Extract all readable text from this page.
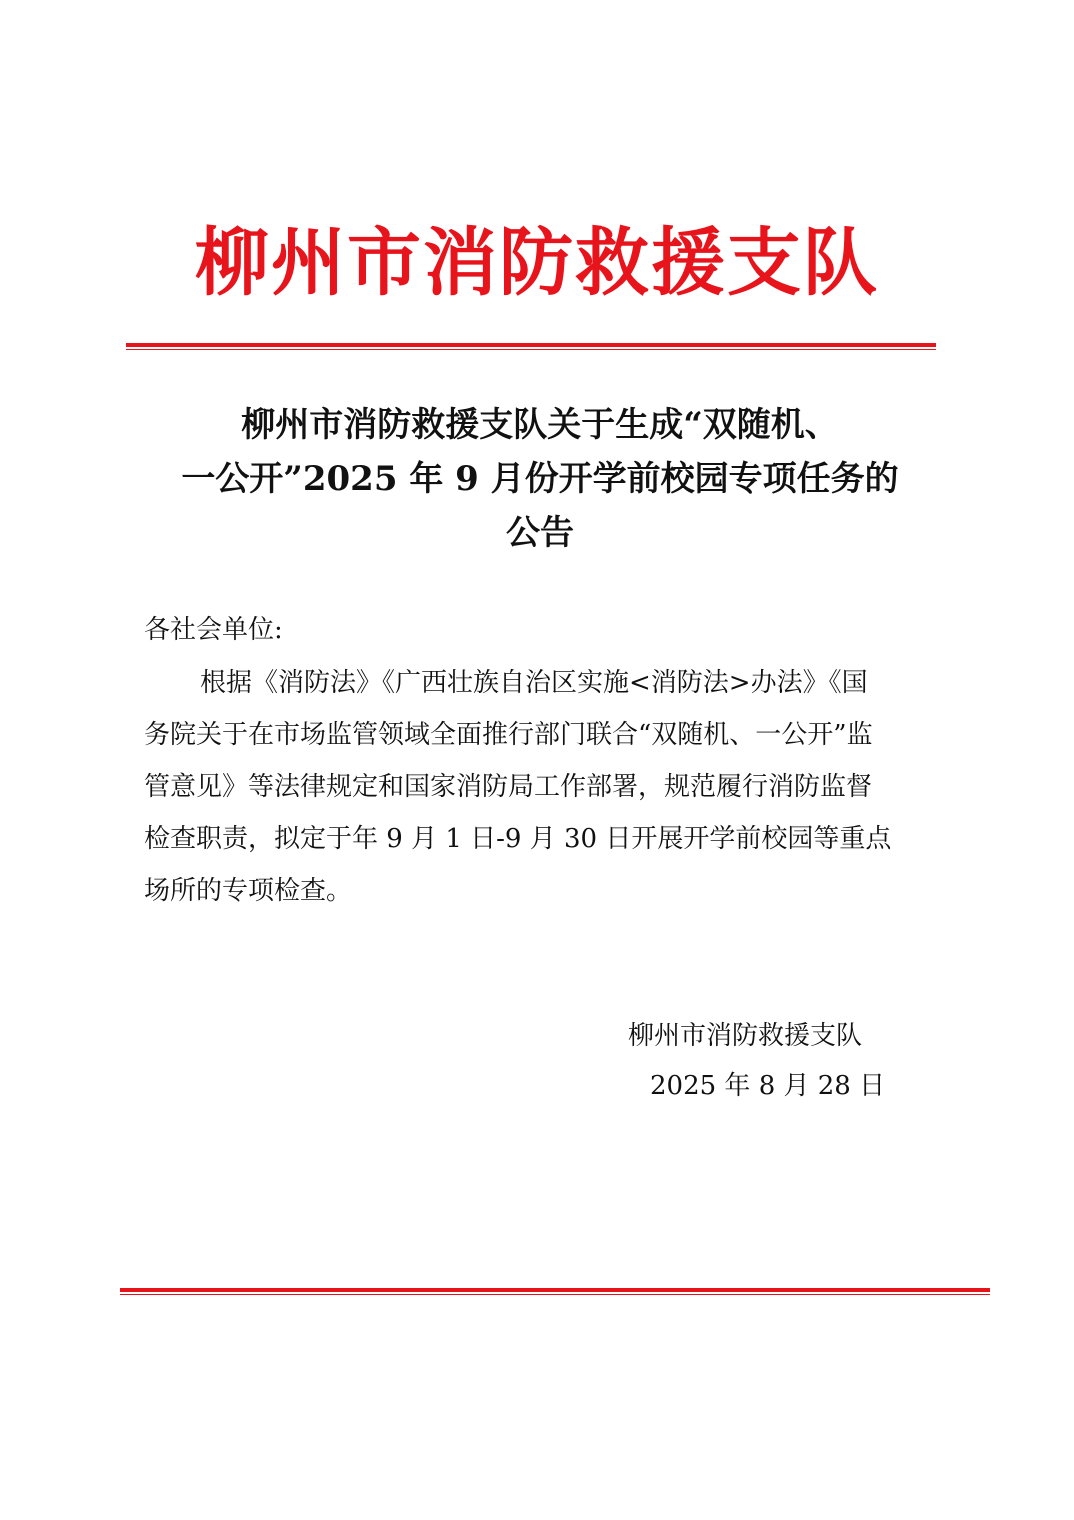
柳州市消防救援支队
柳州市消防救援支队关于生成“双随机、
一公开”2025 年 9 月份开学前校园专项任务的
公告
各社会单位:
根据《消防法》《广西壮族自治区实施<消防法>办法》《国
务院关于在市场监管领域全面推行部门联合“双随机、一公开”监
管意见》等法律规定和国家消防局工作部署，规范履行消防监督
检查职责，拟定于年 9 月 1 日-9 月 30 日开展开学前校园等重点
场所的专项检查。
柳州市消防救援支队
2025 年 8 月 28 日
